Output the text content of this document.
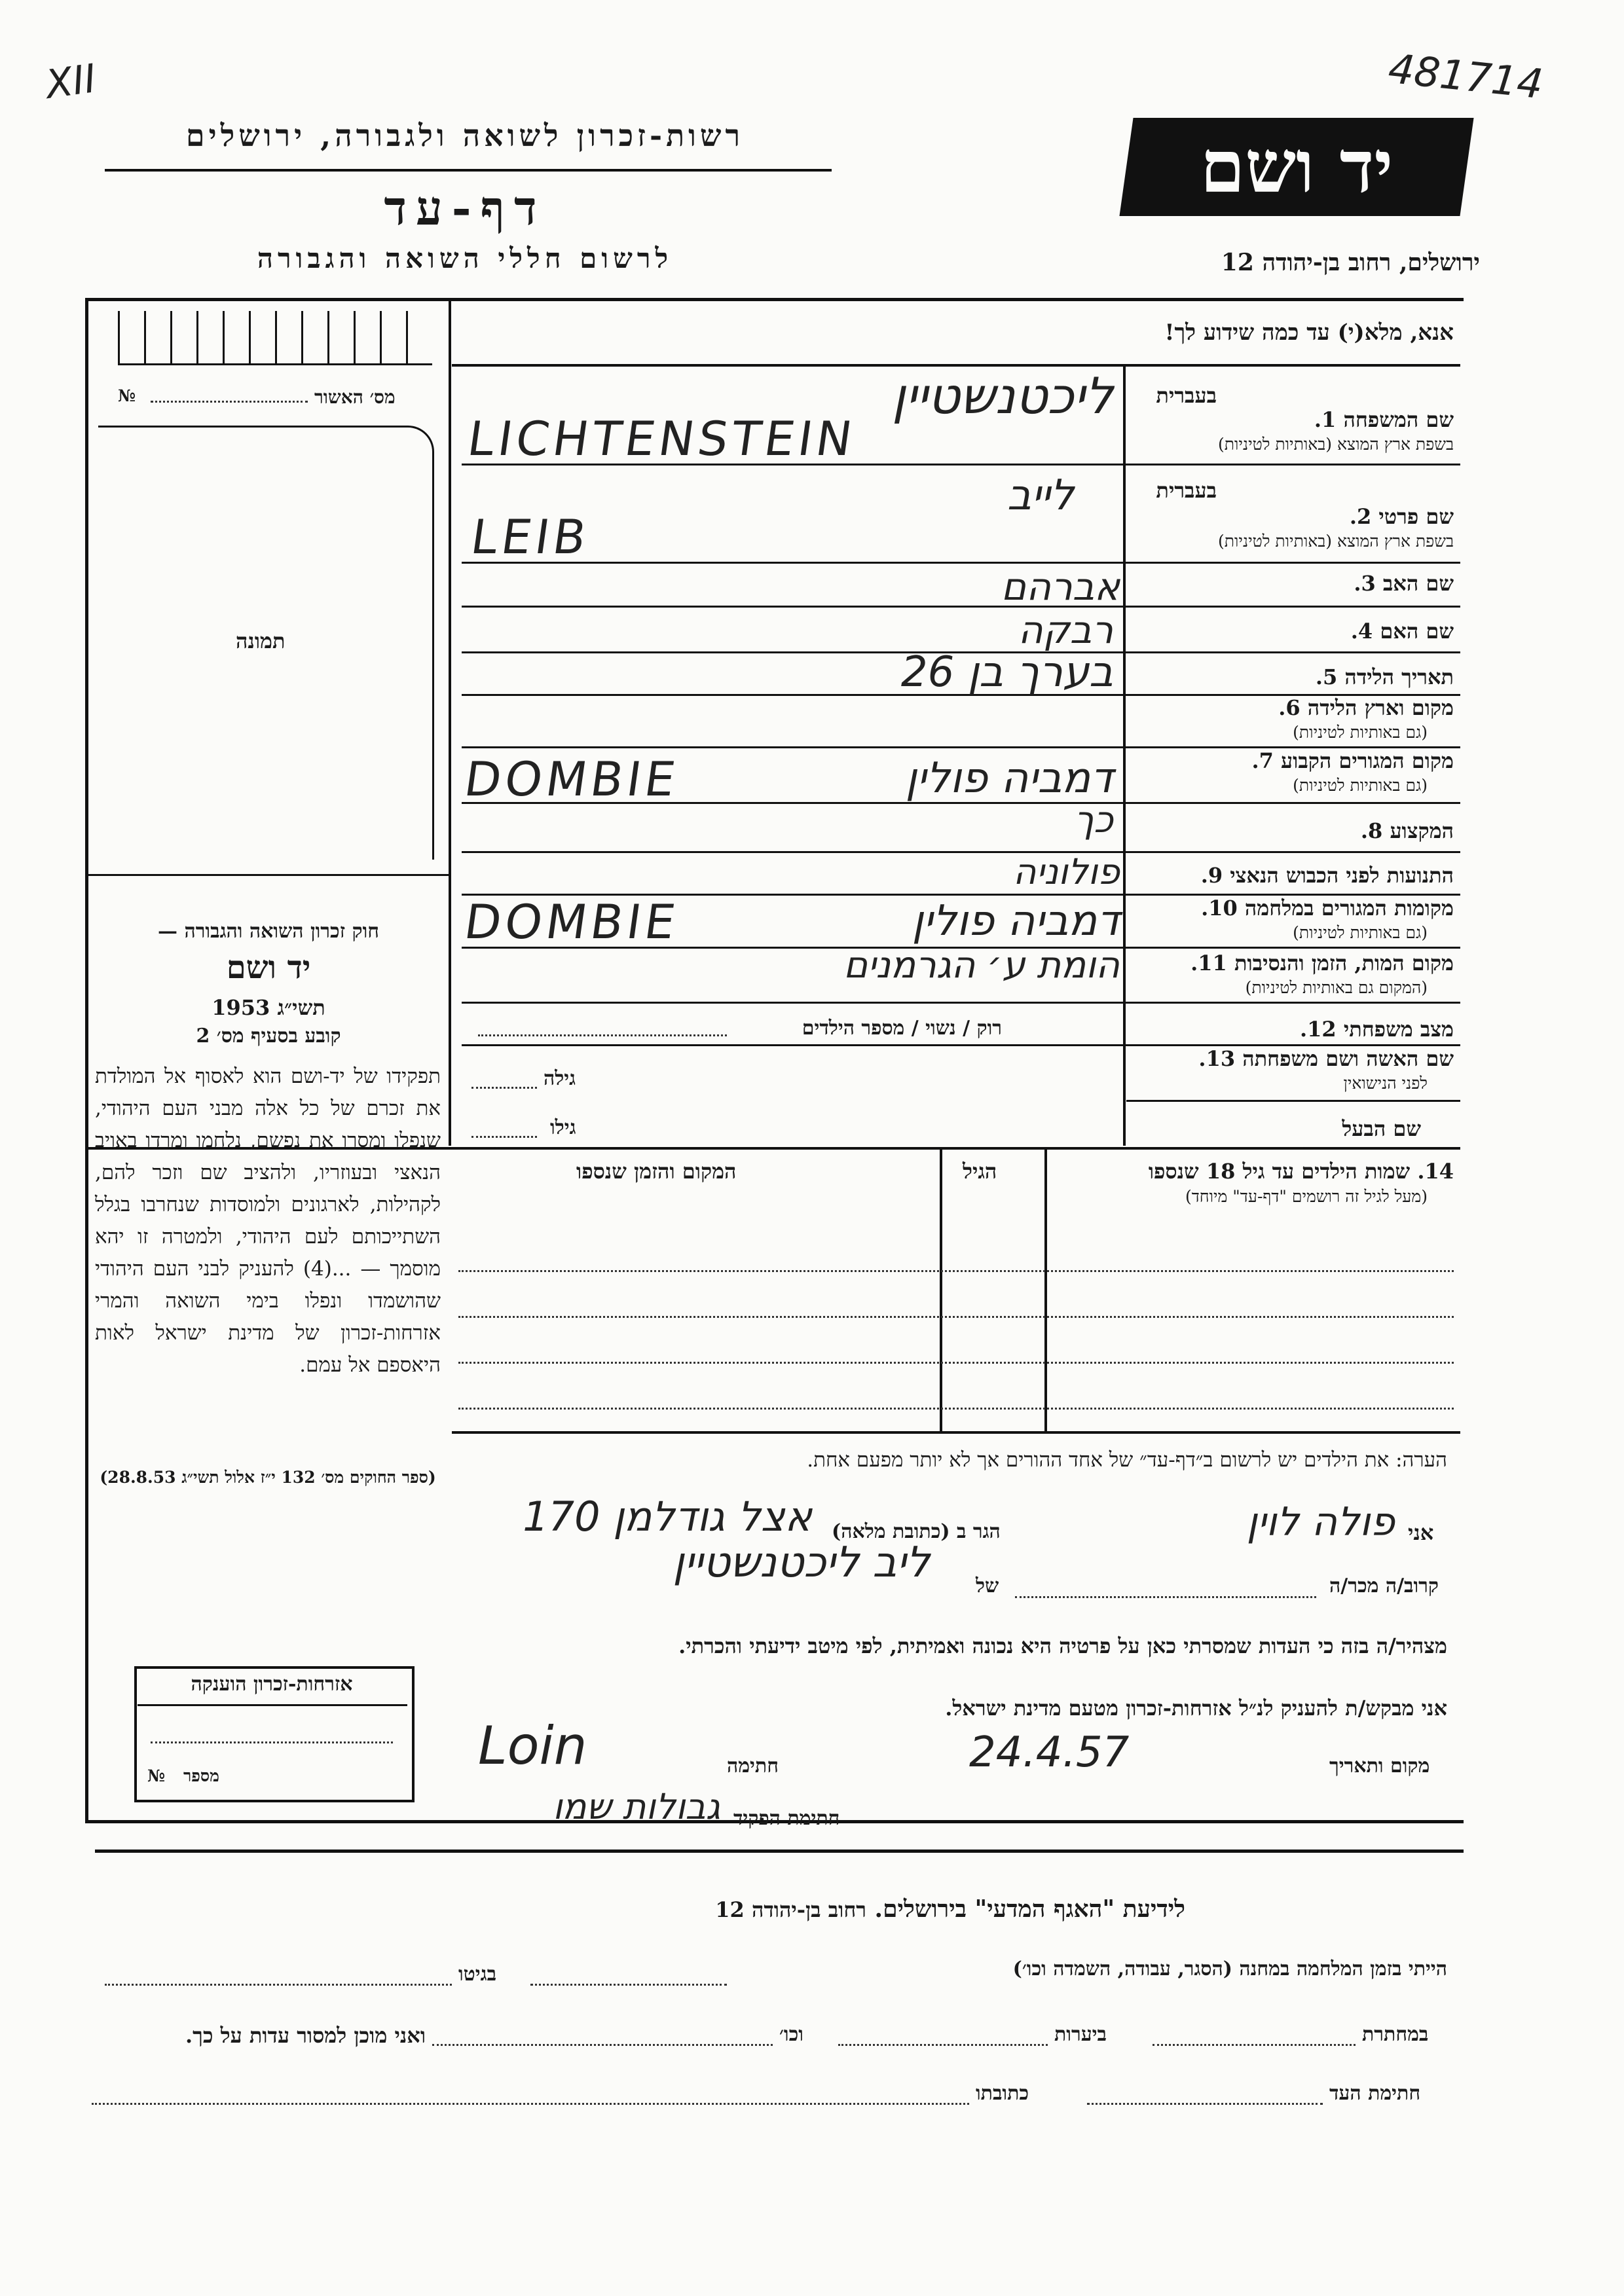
XII	481714
רשות-זכרון לשואה ולגבורה, ירושלים
דף-עד
לרשום חללי השואה והגבורה
יד ושם
ירושלים, רחוב בן-יהודה 12
אנא, מלא(י) עד כמה שידוע לך!
מס׳ האשור
№
תמונה
בעברית
שם המשפחה 1.
בשפת ארץ המוצא (באותיות לטיניות)
בעברית
שם פרטי 2.
בשפת ארץ המוצא (באותיות לטיניות)
שם האב 3.
שם האם 4.
תאריך הלידה 5.
מקום וארץ הלידה 6.
(גם באותיות לטיניות)
מקום המגורים הקבוע 7.
(גם באותיות לטיניות)
המקצוע 8.
התנועות לפני הכבוש הנאצי 9.
מקומות המגורים במלחמה 10.
(גם באותיות לטיניות)
מקום המות, הזמן והנסיבות 11.
(המקום גם באותיות לטיניות)
מצב משפחתי 12.
שם האשה ושם משפחתה 13.
לפני הנישואין
שם הבעל
ליכטנשטיין
LICHTENSTEIN
לייב
LEIB
אברהם
רבקה
בערך בן 26
דמביה פולין
DOMBIE
כך
פולוניה
דמביה פולין
DOMBIE
הומת ע׳ הגרמנים
רוק / נשוי / מספר הילדים
גילה
גילו
14. שמות הילדים עד גיל 18 שנספו
(מעל לגיל זה רושמים "דף-עד" מיוחד)
הגיל
המקום והזמן שנספו
חוק זכרון השואה והגבורה —
יד ושם
1953 תשי״ג
קובע בסעיף מס׳ 2
תפקידו של יד-ושם הוא לאסוף אל המולדת את זכרם של כל אלה מבני העם היהודי, שנפלו ומסרו את נפשם, נלחמו ומרדו באויב הנאצי ובעוזריו, ולהציב שם וזכר להם, לקהילות, לארגונים ולמוסדות שנחרבו בגלל השתייכותם לעם היהודי, ולמטרה זו יהא מוסמך — ...(4) להעניק לבני העם היהודי שהושמדו ונפלו בימי השואה והמרי אזרחות-זכרון של מדינת ישראל לאות היאספם אל עמם.
(ספר החוקים מס׳ 132 י״ז אלול תשי״ג 28.8.53)
הערה: את הילדים יש לרשום ב״דף-עד״ של אחד ההורים אך לא יותר מפעם אחת.
אני
פולה לוין
הגר ב (כתובת מלאה)
אצל גודלמן 170
קרוב/ה מכר/ה
של
ליב ליכטנשטיין
מצהיר/ה בזה כי העדות שמסרתי כאן על פרטיה היא נכונה ואמיתית, לפי מיטב ידיעתי והכרתי.
אני מבקש/ת להעניק לנ״ל אזרחות-זכרון מטעם מדינת ישראל.
מקום ותאריך
24.4.57
חתימה
Loin
חתימת הפקיד
גבולות שמו
אזרחות-זכרון הוענקה
מספר
№
לידיעת "האגף המדעי" בירושלים. רחוב בן-יהודה 12
הייתי בזמן המלחמה במחנה (הסגר, עבודה, השמדה וכו׳)
בגיטו
במחתרת
ביערות
וכו׳
ואני מוכן למסור עדות על כך.
חתימת העד
כתובתו
